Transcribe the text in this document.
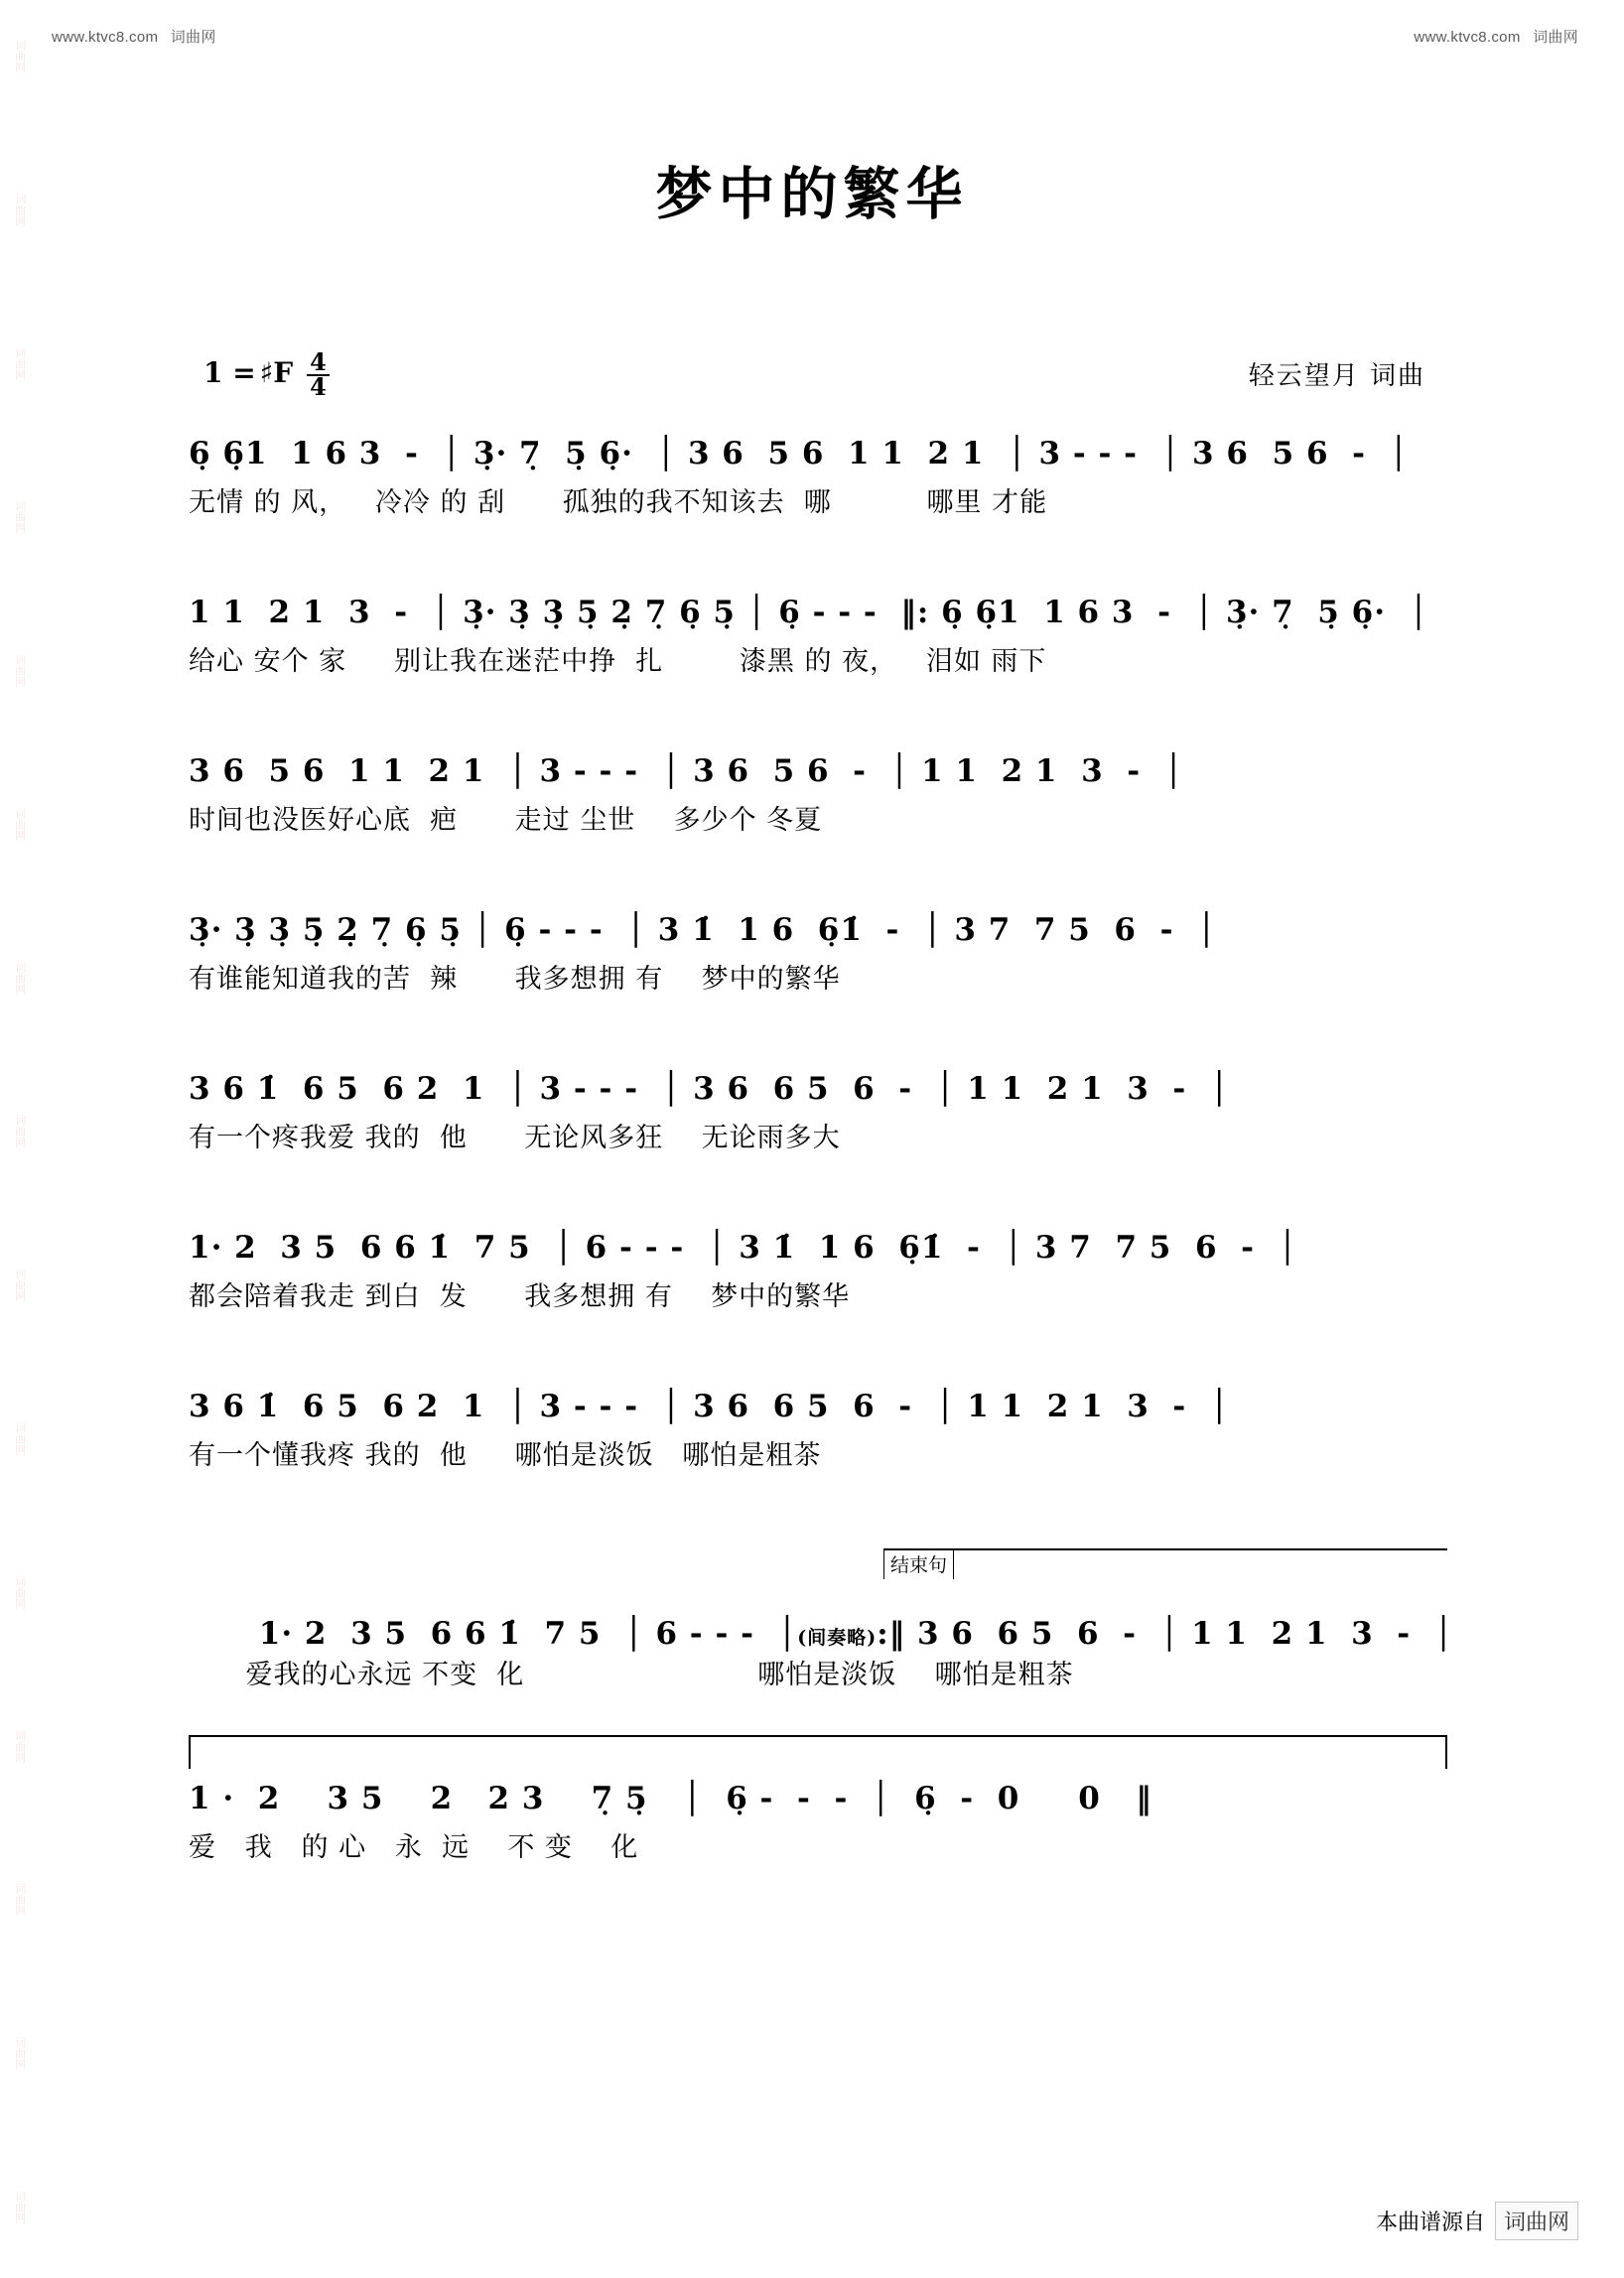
词曲网
词曲网
词曲网
词曲网
词曲网
词曲网
词曲网
词曲网
词曲网
词曲网
词曲网
词曲网
词曲网
词曲网
词曲网
www.ktvc8.com 词曲网	www.ktvc8.com 词曲网
梦中的繁华
1 = ♯F $\frac{4}{4}$	轻云望月 词曲
6̣ 6̣1  1 6 3  -  │ 3̣· 7̣  5̣ 6̣·  │ 3 6  5 6  1 1  2 1  │ 3 - - -  │ 3 6  5 6  -  │
无情 的 风，   冷冷 的 刮      孤独的我不知该去  哪          哪里 才能
1 1  2 1  3  -  │ 3̣· 3̣ 3̣ 5̣ 2̣ 7̣ 6̣ 5̣ │ 6̣ - - -  ‖: 6̣ 6̣1  1 6 3  -  │ 3̣· 7̣  5̣ 6̣·  │
给心 安个 家     别让我在迷茫中挣  扎        漆黑 的 夜，   泪如 雨下
3 6  5 6  1 1  2 1  │ 3 - - -  │ 3 6  5 6  -  │ 1 1  2 1  3  -  │
时间也没医好心底  疤      走过 尘世    多少个 冬夏
3̣· 3̣ 3̣ 5̣ 2̣ 7̣ 6̣ 5̣ │ 6̣ - - -  │ 3 1̇  1 6  6̣1̇  -  │ 3 7  7 5  6  -  │
有谁能知道我的苦  辣      我多想拥 有    梦中的繁华
3 6 1̇  6 5  6 2  1  │ 3 - - -  │ 3 6  6 5  6  -  │ 1 1  2 1  3  -  │
有一个疼我爱 我的  他      无论风多狂    无论雨多大
1· 2  3 5  6 6 1̇  7 5  │ 6 - - -  │ 3 1̇  1 6  6̣1̇  -  │ 3 7  7 5  6  -  │
都会陪着我走 到白  发      我多想拥 有    梦中的繁华
3 6 1̇  6 5  6 2  1  │ 3 - - -  │ 3 6  6 5  6  -  │ 1 1  2 1  3  -  │
有一个懂我疼 我的  他     哪怕是淡饭   哪怕是粗茶

1· 2  3 5  6 6 1̇  7 5  │ 6 - - -  │(间奏略):‖ 3 6  6 5  6  -  │ 1 1  2 1  3  -  │

爱我的心永远 不变  化	哪怕是淡饭    哪怕是粗茶

结束句
1 ·  2    3 5    2   2 3    7̣ 5̣   │  6̣ -  -  -  │  6̣  -  0     0   ‖
爱   我   的 心   永  远    不 变    化
本曲谱源自 词曲网
